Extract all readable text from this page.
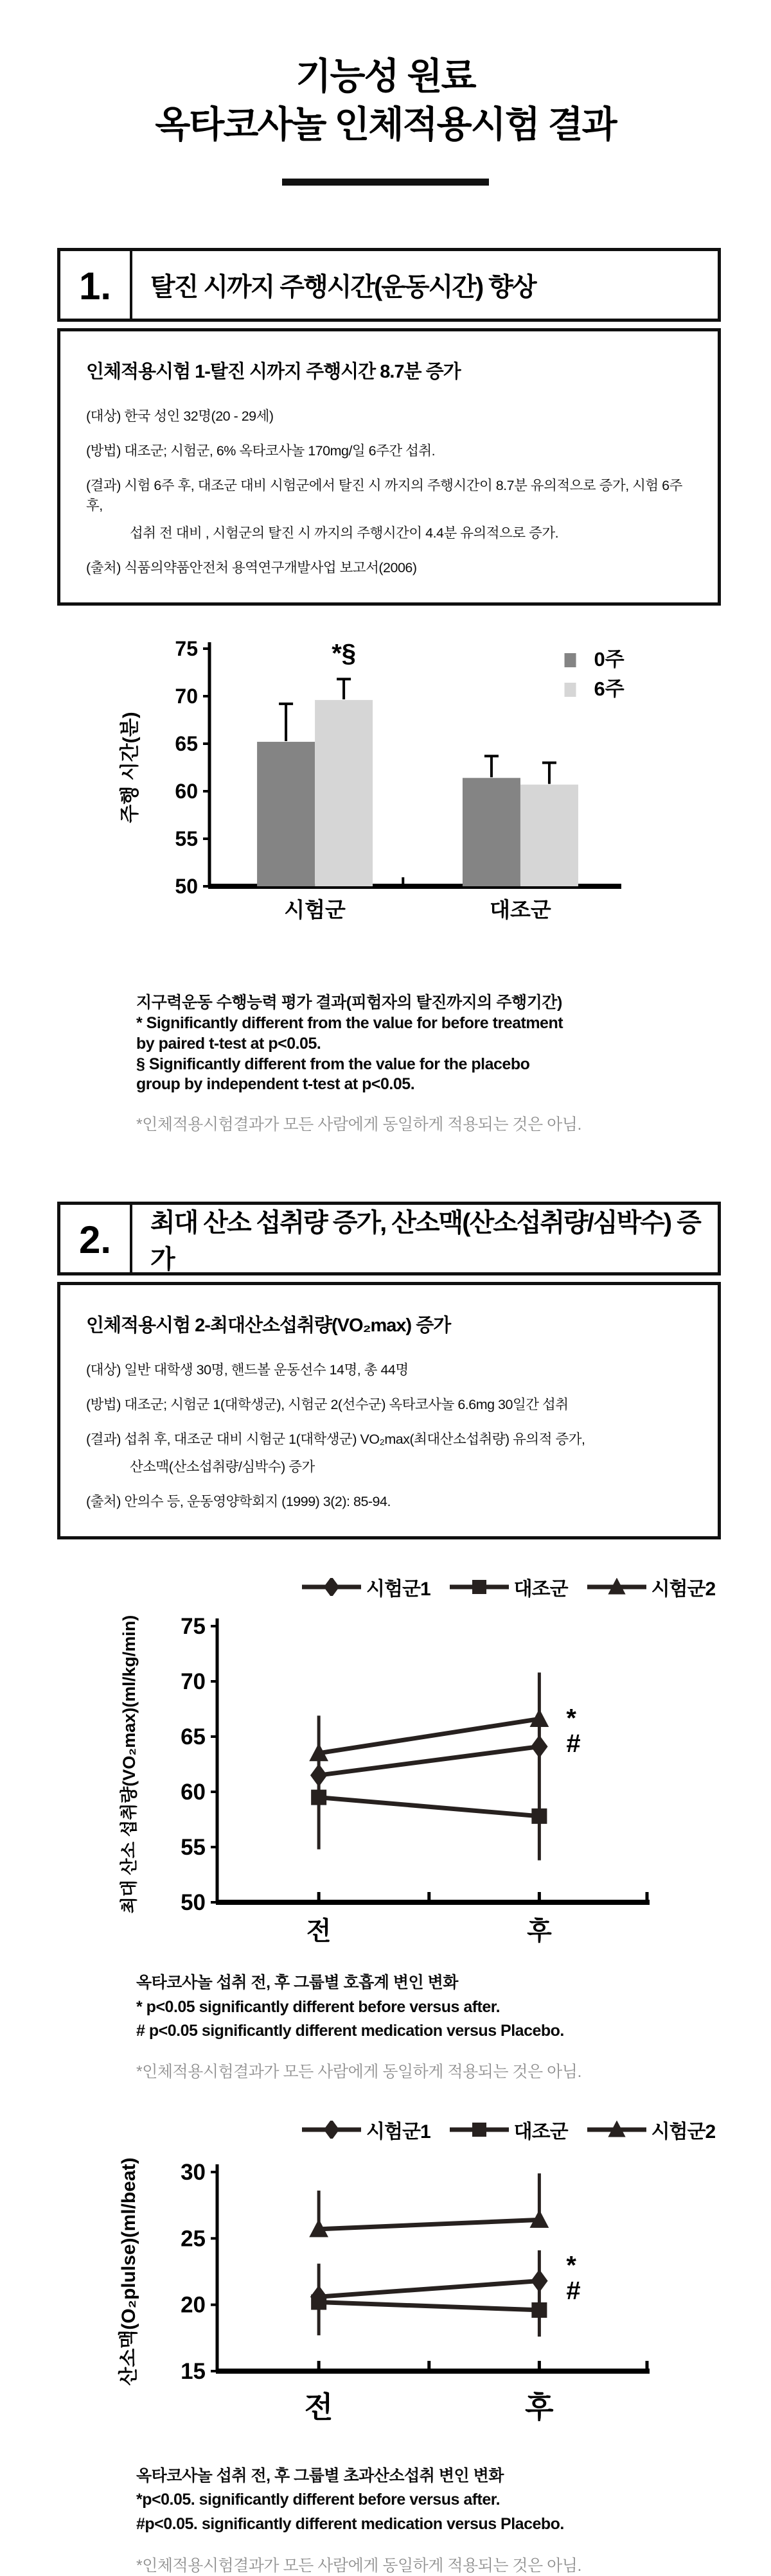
기능성 원료
옥타코사놀 인체적용시험 결과
1.	탈진 시까지 주행시간(운동시간) 향상
인체적용시험 1-탈진 시까지 주행시간 8.7분 증가
(대상) 한국 성인 32명(20 - 29세)
(방법) 대조군; 시험군, 6% 옥타코사놀 170mg/일 6주간 섭취.
(결과) 시험 6주 후, 대조군 대비 시험군에서 탈진 시 까지의 주행시간이 8.7분 유의적으로 증가, 시험 6주 후,
섭취 전 대비 , 시험군의 탈진 시 까지의 주행시간이 4.4분 유의적으로 증가.
(출처) 식품의약품안전처 용역연구개발사업 보고서(2006)
주행 시간(분)
50
55
60
65
70
75
시험군	대조군
*§	0주
6주
지구력운동 수행능력 평가 결과(피험자의 탈진까지의 주행기간)
* Significantly different from the value for before treatment
by paired t-test at p<0.05.
§ Significantly different from the value for the placebo
group by independent t-test at p<0.05.
*인체적용시험결과가 모든 사람에게 동일하게 적용되는 것은 아님.
2.	최대 산소 섭취량 증가, 산소맥(산소섭취량/심박수) 증가
인체적용시험 2-최대산소섭취량(VO₂max) 증가
(대상) 일반 대학생 30명, 핸드볼 운동선수 14명, 총 44명
(방법) 대조군; 시험군 1(대학생군), 시험군 2(선수군) 옥타코사놀 6.6mg 30일간 섭취
(결과) 섭취 후, 대조군 대비 시험군 1(대학생군) VO₂max(최대산소섭취량) 유의적 증가,
산소맥(산소섭취량/심박수) 증가
(출처) 안의수 등, 운동영양학회지 (1999) 3(2): 85-94.
시험군1	대조군	시험군2
최대 산소 섭취량(VO₂max)(ml/kg/min) 50
55
60
65
70
75
*
#
전	후
옥타코사놀 섭취 전, 후 그룹별 호흡계 변인 변화
* p<0.05 significantly different before versus after.
# p<0.05 significantly different medication versus Placebo.
*인체적용시험결과가 모든 사람에게 동일하게 적용되는 것은 아님.
시험군1	대조군	시험군2
산소맥(O₂plulse)(ml/beat) 15
20
25
30
*
#
전	후
옥타코사놀 섭취 전, 후 그룹별 초과산소섭취 변인 변화
*p<0.05. significantly different before versus after.
#p<0.05. significantly different medication versus Placebo.
*인체적용시험결과가 모든 사람에게 동일하게 적용되는 것은 아님.
